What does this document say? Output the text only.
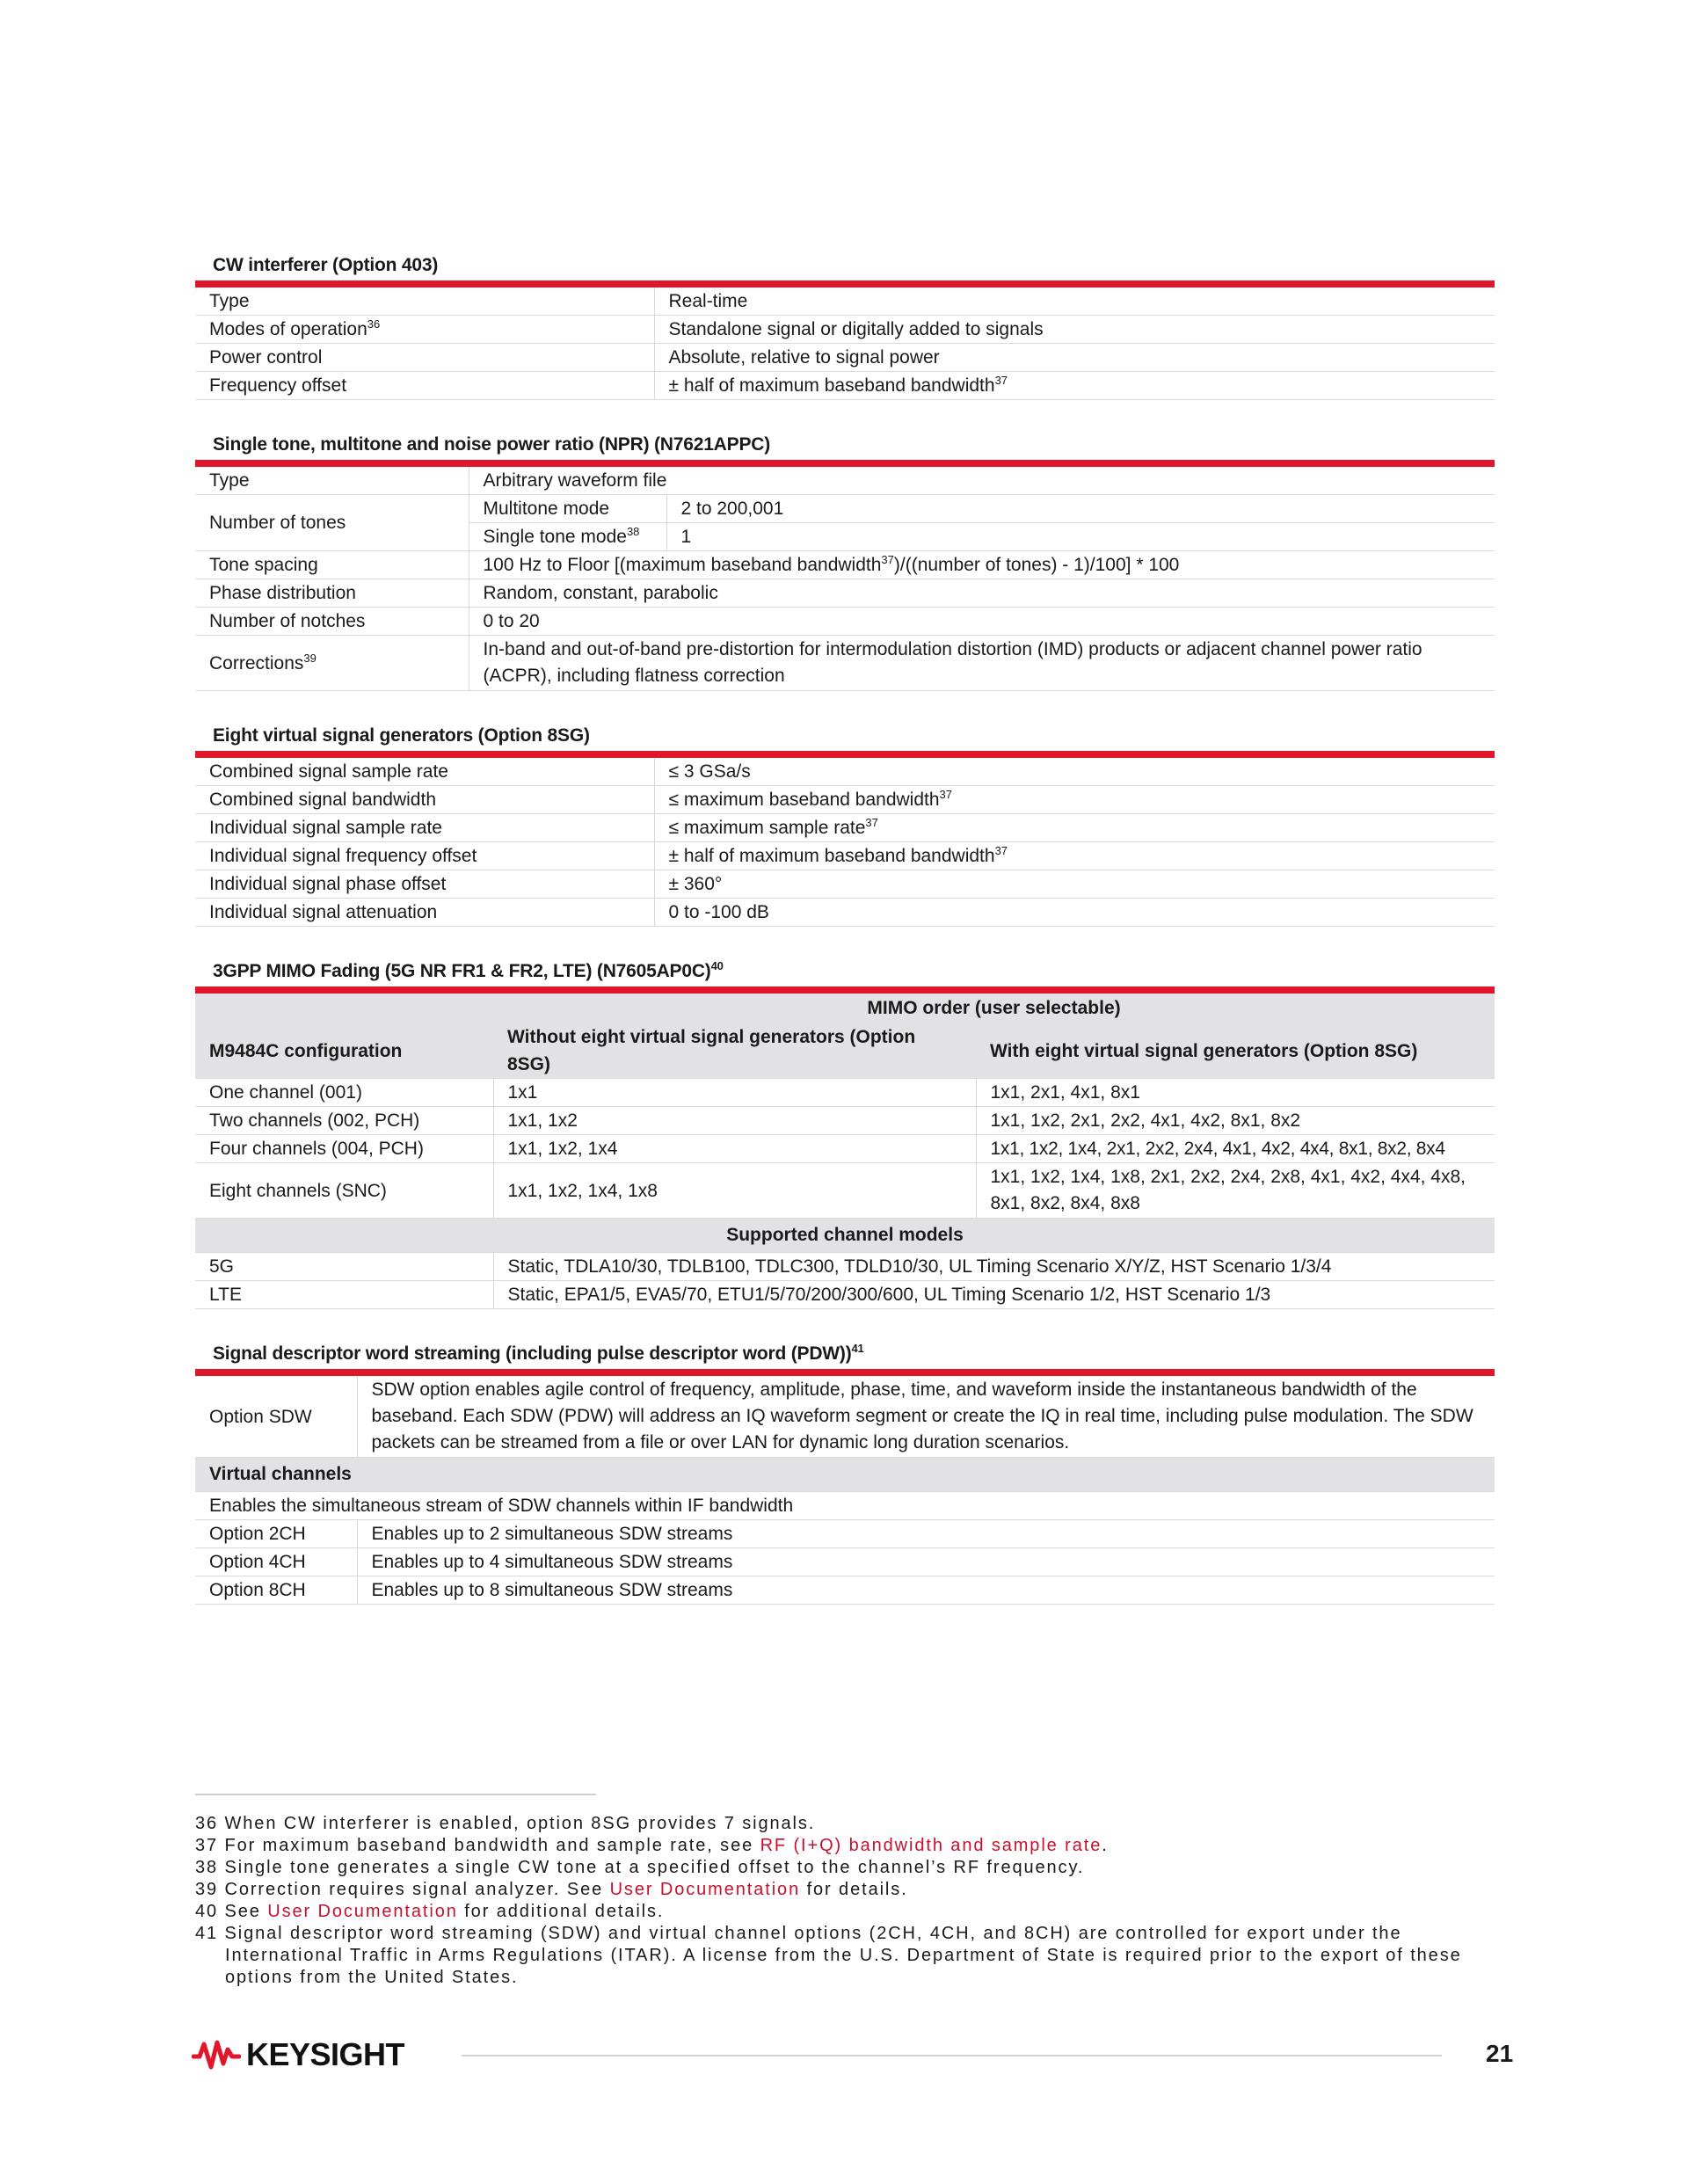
CW interferer (Option 403)
Type	Real-time
Modes of operation$^{36}$	Standalone signal or digitally added to signals
Power control	Absolute, relative to signal power
Frequency offset	± half of maximum baseband bandwidth$^{37}$
Single tone, multitone and noise power ratio (NPR) (N7621APPC)
Type	Arbitrary waveform file	
Number of tones	Multitone mode	2 to 200,001
	Single tone mode$^{38}$	1
Tone spacing	100 Hz to Floor [(maximum baseband bandwidth$^{37}$)/((number of tones) - 1)/100] * 100	
Phase distribution	Random, constant, parabolic	
Number of notches	0 to 20	
Corrections$^{39}$	In-band and out-of-band pre-distortion for intermodulation distortion (IMD) products or adjacent channel power ratio (ACPR), including flatness correction	
Eight virtual signal generators (Option 8SG)
Combined signal sample rate	≤ 3 GSa/s
Combined signal bandwidth	≤ maximum baseband bandwidth$^{37}$
Individual signal sample rate	≤ maximum sample rate$^{37}$
Individual signal frequency offset	± half of maximum baseband bandwidth$^{37}$
Individual signal phase offset	± 360°
Individual signal attenuation	0 to -100 dB
3GPP MIMO Fading (5G NR FR1 & FR2, LTE) $(N7605AP0C)^{40}$
	MIMO order (user selectable)	
M9484C configuration	Without eight virtual signal generators (Option 8SG)	With eight virtual signal generators (Option 8SG)
One channel (001)	1x1	1x1, 2x1, 4x1, 8x1
Two channels (002, PCH)	1x1, 1x2	1x1, 1x2, 2x1, 2x2, 4x1, 4x2, 8x1, 8x2
Four channels (004, PCH)	1x1, 1x2, 1x4	1x1, 1x2, 1x4, 2x1, 2x2, 2x4, 4x1, 4x2, 4x4, 8x1, 8x2, 8x4
Eight channels (SNC)	1x1, 1x2, 1x4, 1x8	1x1, 1x2, 1x4, 1x8, 2x1, 2x2, 2x4, 2x8, 4x1, 4x2, 4x4, 4x8, 8x1, 8x2, 8x4, 8x8
Supported channel models		
5G	Static, TDLA10/30, TDLB100, TDLC300, TDLD10/30, UL Timing Scenario X/Y/Z, HST Scenario 1/3/4	
LTE	Static, EPA1/5, EVA5/70, ETU1/5/70/200/300/600, UL Timing Scenario 1/2, HST Scenario 1/3	
Signal descriptor word streaming (including pulse descriptor word (PDW))$^{41}$
Option SDW	SDW option enables agile control of frequency, amplitude, phase, time, and waveform inside the instantaneous bandwidth of the baseband. Each SDW (PDW) will address an IQ waveform segment or create the IQ in real time, including pulse modulation. The SDW packets can be streamed from a file or over LAN for dynamic long duration scenarios.
Virtual channels	
Enables the simultaneous stream of SDW channels within IF bandwidth	
Option 2CH	Enables up to 2 simultaneous SDW streams
Option 4CH	Enables up to 4 simultaneous SDW streams
Option 8CH	Enables up to 8 simultaneous SDW streams
36 When CW interferer is enabled, option 8SG provides 7 signals.
37 For maximum baseband bandwidth and sample rate, see RF (I+Q) bandwidth and sample rate.
38 Single tone generates a single CW tone at a specified offset to the channel’s RF frequency.
39 Correction requires signal analyzer. See User Documentation for details.
40 See User Documentation for additional details.
41 Signal descriptor word streaming (SDW) and virtual channel options (2CH, 4CH, and 8CH) are controlled for export under the International Traffic in Arms Regulations (ITAR). A license from the U.S. Department of State is required prior to the export of these options from the United States.
KEYSIGHT	21
